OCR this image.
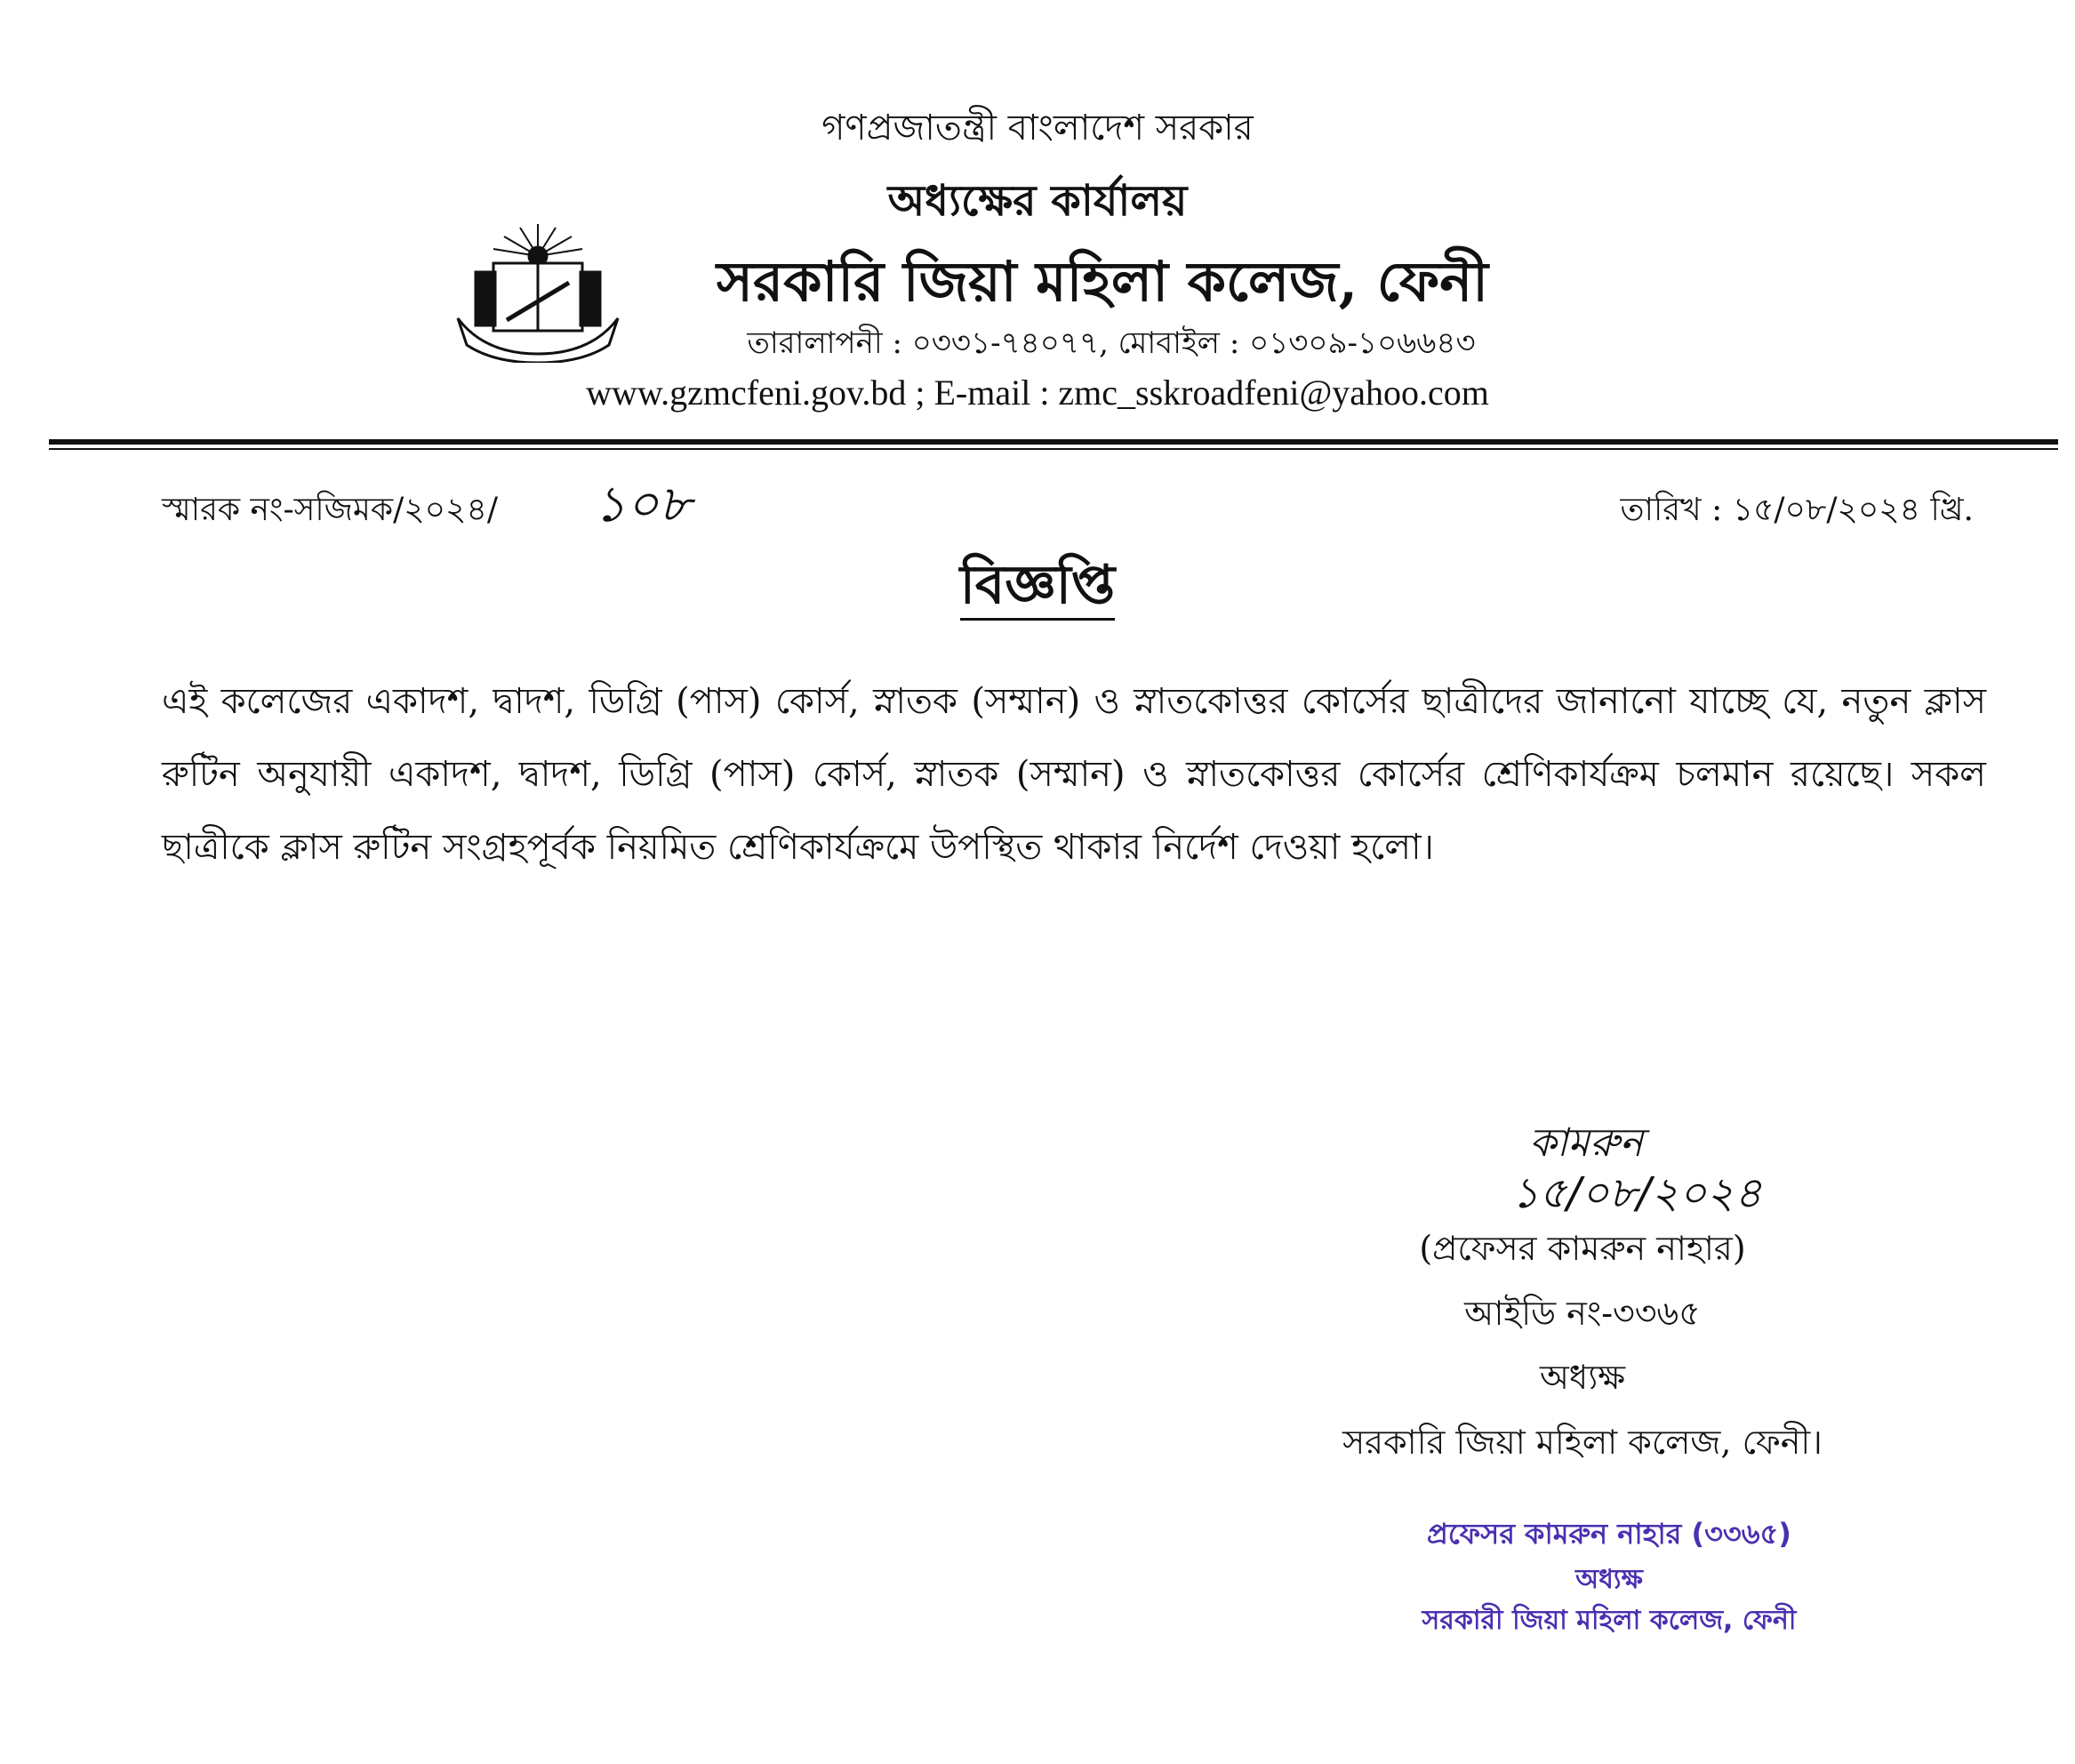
গণপ্রজাতন্ত্রী বাংলাদেশ সরকার
অধ্যক্ষের কার্যালয়
সরকারি জিয়া মহিলা কলেজ, ফেনী
তারালাপনী : ০৩৩১-৭৪০৭৭, মোবাইল : ০১৩০৯-১০৬৬৪৩
www.gzmcfeni.gov.bd ; E-mail : zmc_sskroadfeni@yahoo.com
স্মারক নং-সজিমক/২০২৪/ ১০৮	তারিখ : ১৫/০৮/২০২৪ খ্রি.
বিজ্ঞপ্তি
এই কলেজের একাদশ, দ্বাদশ, ডিগ্রি (পাস) কোর্স, স্নাতক (সম্মান) ও স্নাতকোত্তর কোর্সের ছাত্রীদের জানানো যাচ্ছে যে, নতুন ক্লাস রুটিন অনুযায়ী একাদশ, দ্বাদশ, ডিগ্রি (পাস) কোর্স, স্নাতক (সম্মান) ও স্নাতকোত্তর কোর্সের শ্রেণিকার্যক্রম চলমান রয়েছে। সকল ছাত্রীকে ক্লাস রুটিন সংগ্রহপূর্বক নিয়মিত শ্রেণিকার্যক্রমে উপস্থিত থাকার নির্দেশ দেওয়া হলো।
কামরুন
১৫/০৮/২০২৪
(প্রফেসর কামরুন নাহার)
আইডি নং-৩৩৬৫
অধ্যক্ষ
সরকারি জিয়া মহিলা কলেজ, ফেনী।
প্রফেসর কামরুন নাহার (৩৩৬৫)
অধ্যক্ষ
সরকারী জিয়া মহিলা কলেজ, ফেনী
